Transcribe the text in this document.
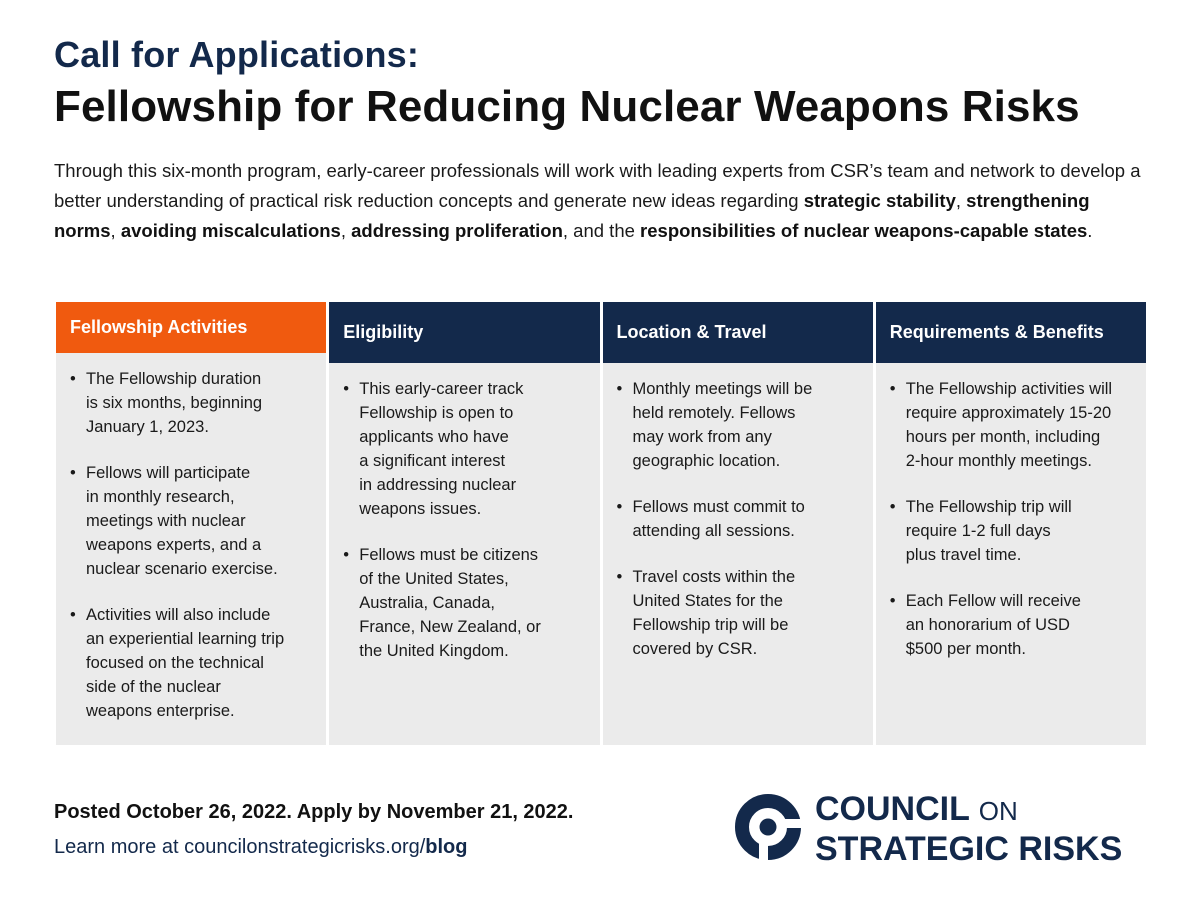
Call for Applications:
Fellowship for Reducing Nuclear Weapons Risks
Through this six-month program, early-career professionals will work with leading experts from CSR’s team and network to develop a better understanding of practical risk reduction concepts and generate new ideas regarding strategic stability, strengthening norms, avoiding miscalculations, addressing proliferation, and the responsibilities of nuclear weapons-capable states.
Fellowship Activities
• The Fellowship duration
is six months, beginning
January 1, 2023.
• Fellows will participate
in monthly research,
meetings with nuclear
weapons experts, and a
nuclear scenario exercise.
• Activities will also include
an experiential learning trip
focused on the technical
side of the nuclear
weapons enterprise.
Eligibility
• This early-career track
Fellowship is open to
applicants who have
a significant interest
in addressing nuclear
weapons issues.
• Fellows must be citizens
of the United States,
Australia, Canada,
France, New Zealand, or
the United Kingdom.
Location & Travel
• Monthly meetings will be
held remotely. Fellows
may work from any
geographic location.
• Fellows must commit to
attending all sessions.
• Travel costs within the
United States for the
Fellowship trip will be
covered by CSR.
Requirements & Benefits
• The Fellowship activities will
require approximately 15-20
hours per month, including
2-hour monthly meetings.
• The Fellowship trip will
require 1-2 full days
plus travel time.
• Each Fellow will receive
an honorarium of USD
$500 per month.
Posted October 26, 2022. Apply by November 21, 2022.
Learn more at councilonstrategicrisks.org/blog
COUNCIL ON
STRATEGIC RISKS
